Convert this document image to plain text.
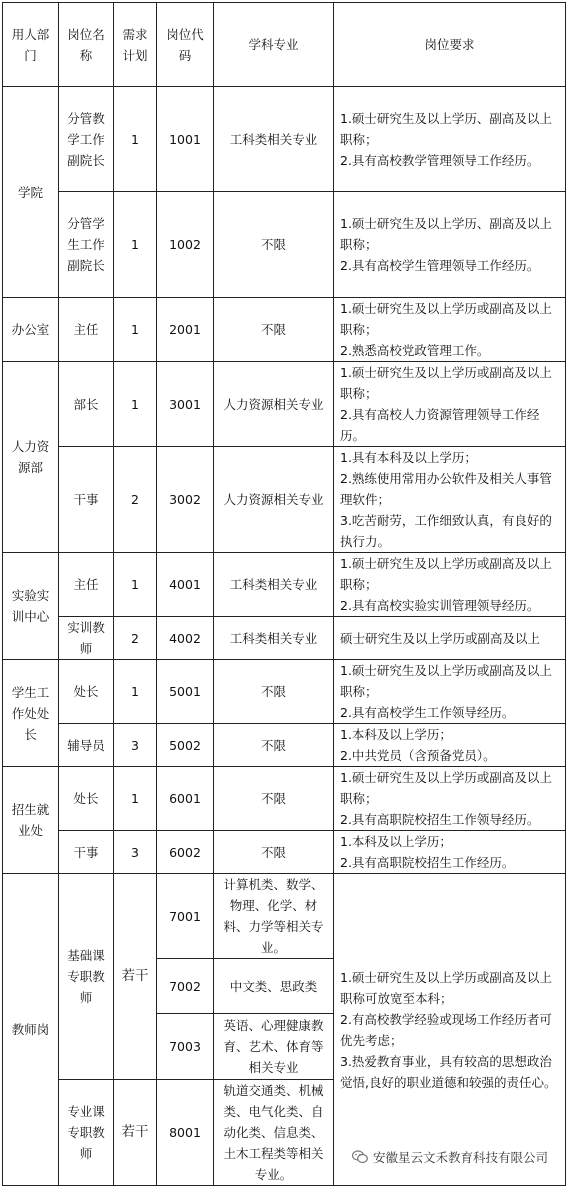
用人部门	岗位名称	需求计划	岗位代码	学科专业	岗位要求
学院	分管教学工作副院长	1	1001	工科类相关专业	1.硕士研究生及以上学历、副高及以上职称；
2.具有高校教学管理领导工作经历。

	分管学生工作副院长	1	1002	不限	1.硕士研究生及以上学历、副高及以上职称；
2.具有高校学生管理领导工作经历。

办公室	主任	1	2001	不限	1.硕士研究生及以上学历或副高及以上职称；
2.熟悉高校党政管理工作。

人力资源部	部长	1	3001	人力资源相关专业	1.硕士研究生及以上学历或副高及以上职称；
2.具有高校人力资源管理领导工作经历。

	干事	2	3002	人力资源相关专业	1.具有本科及以上学历；
2.熟练使用常用办公软件及相关人事管理软件；
3.吃苦耐劳，工作细致认真，有良好的执行力。

实验实训中心	主任	1	4001	工科类相关专业	1.硕士研究生及以上学历或副高及以上职称；
2.具有高校实验实训管理领导经历。

	实训教师	2	4002	工科类相关专业	硕士研究生及以上学历或副高及以上

学生工作处处长	处长	1	5001	不限	1.硕士研究生及以上学历或副高及以上职称；
2.具有高校学生工作领导经历。

	辅导员	3	5002	不限	1.本科及以上学历；
2.中共党员（含预备党员）。

招生就业处	处长	1	6001	不限	1.硕士研究生及以上学历或副高及以上职称；
2.具有高职院校招生工作领导经历。

	干事	3	6002	不限	1.本科及以上学历；
2.具有高职院校招生工作经历。

教师岗	基础课专职教师	若干	7001	计算机类、数学、物理、化学、材料、力学等相关专业。	1.硕士研究生及以上学历或副高及以上职称可放宽至本科；
2.有高校教学经验或现场工作经历者可优先考虑；
3.热爱教育事业，具有较高的思想政治觉悟,良好的职业道德和较强的责任心。

			7002	中文类、思政类	
			7003	英语、心理健康教育、艺术、体育等相关专业	
	专业课专职教师	若干	8001	轨道交通类、机械类、电气化类、自动化类、信息类、土木工程类等相关专业。	
安徽星云文禾教育科技有限公司
